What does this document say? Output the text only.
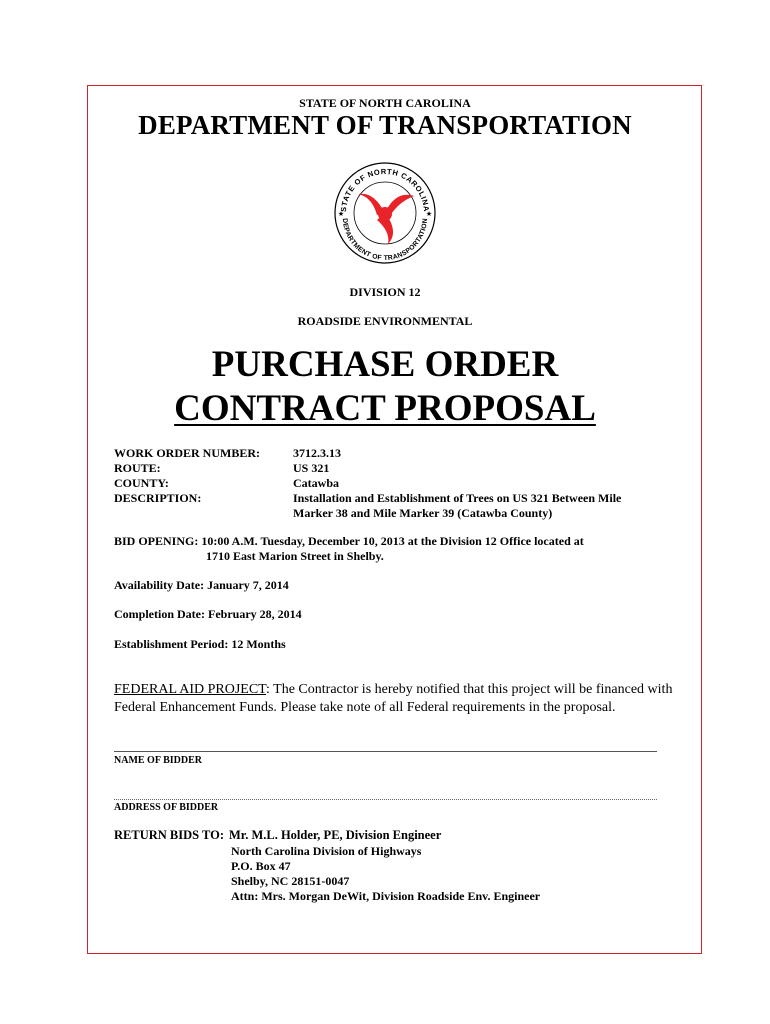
STATE OF NORTH CAROLINA
DEPARTMENT OF TRANSPORTATION
STATE OF NORTH CAROLINA
DEPARTMENT OF TRANSPORTATION
★	★
DIVISION 12
ROADSIDE ENVIRONMENTAL
PURCHASE ORDER
CONTRACT PROPOSAL
WORK ORDER NUMBER:	3712.3.13
ROUTE:	US 321
COUNTY:	Catawba
DESCRIPTION:	Installation and Establishment of Trees on US 321 Between Mile
Marker 38 and Mile Marker 39 (Catawba County)
BID OPENING: 10:00 A.M. Tuesday, December 10, 2013 at the Division 12 Office located at
1710 East Marion Street in Shelby.
Availability Date: January 7, 2014
Completion Date: February 28, 2014
Establishment Period: 12 Months
FEDERAL AID PROJECT: The Contractor is hereby notified that this project will be financed with Federal Enhancement Funds. Please take note of all Federal requirements in the proposal.
NAME OF BIDDER
ADDRESS OF BIDDER
RETURN BIDS TO: Mr. M.L. Holder, PE, Division Engineer
North Carolina Division of Highways
P.O. Box 47
Shelby, NC 28151-0047
Attn: Mrs. Morgan DeWit, Division Roadside Env. Engineer
